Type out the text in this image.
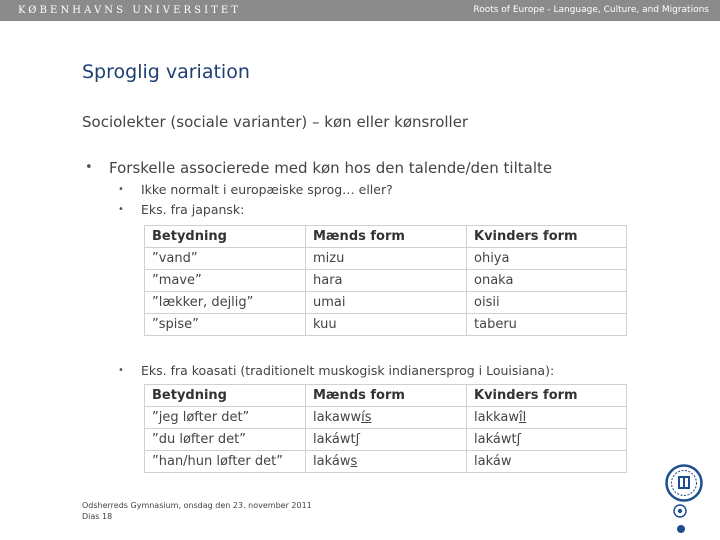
KØBENHAVNS UNIVERSITET	Roots of Europe - Language, Culture, and Migrations
Sproglig variation
Sociolekter (sociale varianter) – køn eller kønsroller
• Forskelle associerede med køn hos den talende/den tiltalte
• Ikke normalt i europæiske sprog… eller?
• Eks. fra japansk:
Betydning	Mænds form	Kvinders form
”vand”	mizu	ohiya
”mave”	hara	onaka
”lækker, dejlig”	umai	oisii
”spise”	kuu	taberu
• Eks. fra koasati (traditionelt muskogisk indianersprog i Louisiana):
Betydning	Mænds form	Kvinders form
”jeg løfter det”	lakawwís	lakkawîl
”du løfter det”	lakáwtʃ	lakáwtʃ
”han/hun løfter det”	lakáws	lakáw
Odsherreds Gymnasium, onsdag den 23. november 2011
Dias 18
